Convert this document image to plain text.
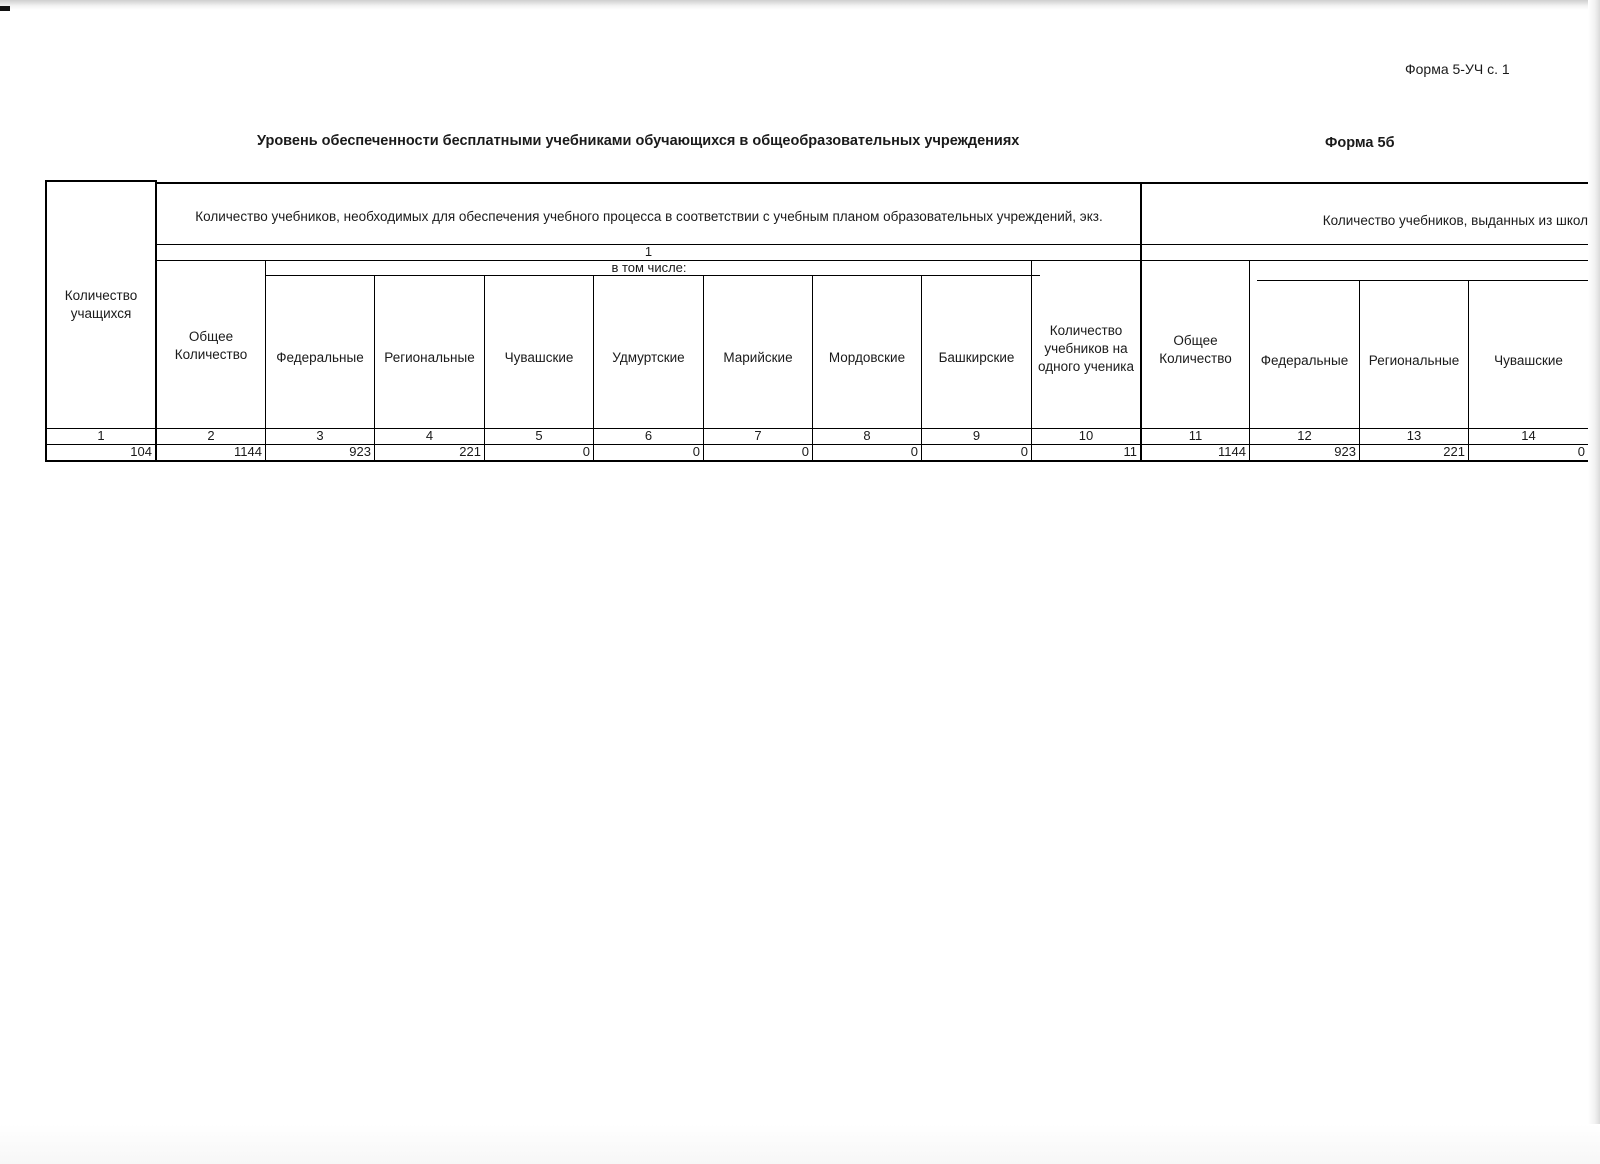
Форма 5-УЧ с. 1
Уровень обеспеченности бесплатными учебниками обучающихся в общеобразовательных учреждениях	Форма 5б
Количество учащихся
Количество учебников, необходимых для обеспечения учебного процесса в соответствии с учебным планом образовательных учреждений, экз.	Количество учебников, выданных из школ
1
в том числе:
Общее Количество	Федеральные	Региональные	Чувашские	Удмуртские	Марийские	Мордовские	Башкирские
Количество учебников на одного ученика
Общее Количество	Федеральные	Региональные	Чувашские
1	2	3	4	5	6	7	8	9	10	11	12	13	14
104	1144	923	221	0	0	0	0	0	11	1144	923	221	0
